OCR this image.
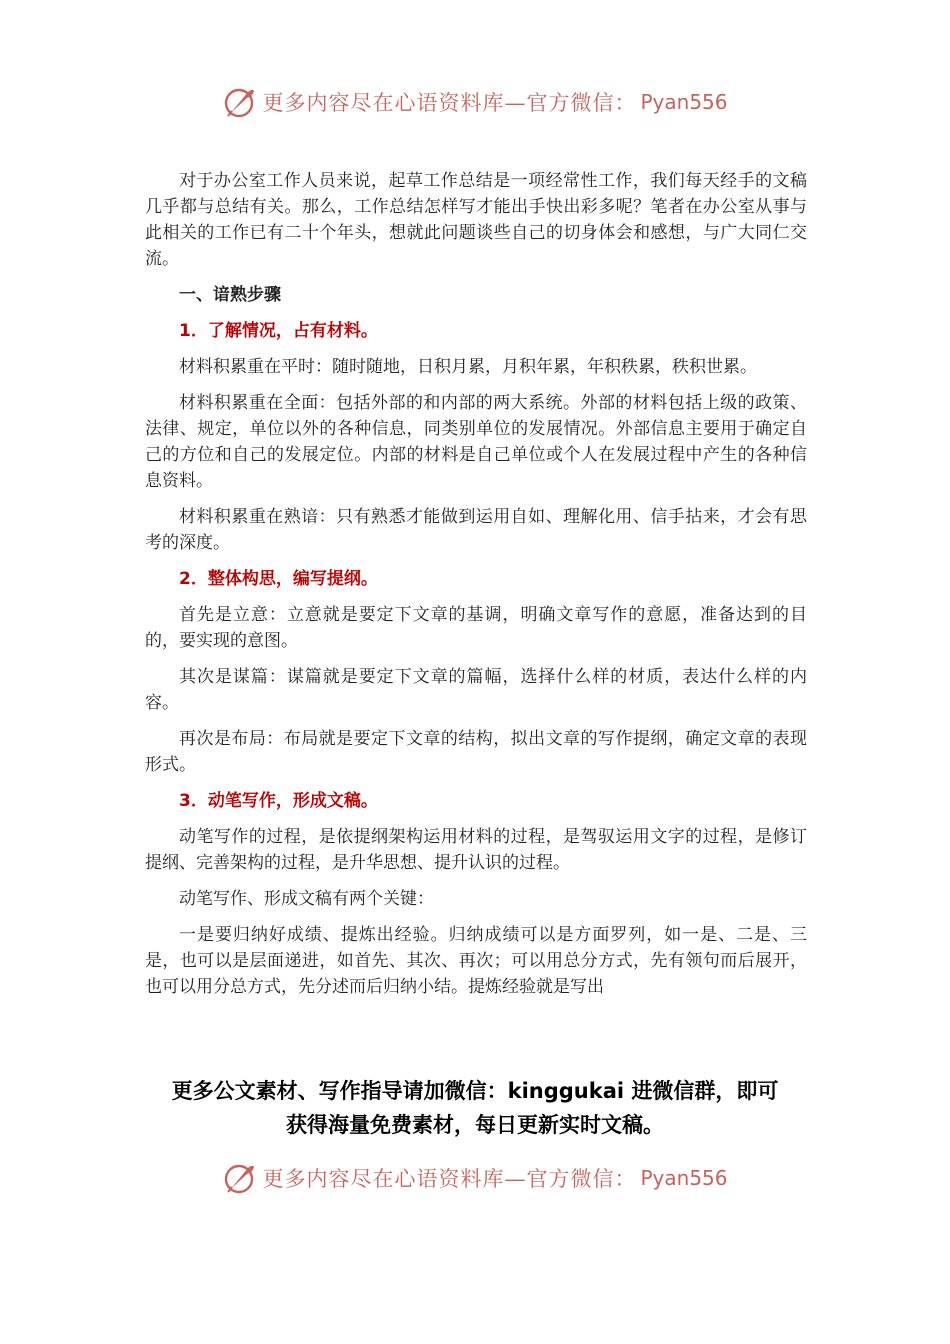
更多内容尽在心语资料库—官方微信： Pyan556

对于办公室工作人员来说，起草工作总结是一项经常性工作，我们每天经手的文稿几乎都与总结有关。那么，工作总结怎样写才能出手快出彩多呢？笔者在办公室从事与此相关的工作已有二十个年头，想就此问题谈些自己的切身体会和感想，与广大同仁交流。

一、谙熟步骤

1．了解情况，占有材料。

材料积累重在平时：随时随地，日积月累，月积年累，年积秩累，秩积世累。

材料积累重在全面：包括外部的和内部的两大系统。外部的材料包括上级的政策、法律、规定，单位以外的各种信息，同类别单位的发展情况。外部信息主要用于确定自己的方位和自己的发展定位。内部的材料是自己单位或个人在发展过程中产生的各种信息资料。

材料积累重在熟谙：只有熟悉才能做到运用自如、理解化用、信手拈来，才会有思考的深度。

2．整体构思，编写提纲。

首先是立意：立意就是要定下文章的基调，明确文章写作的意愿，准备达到的目的，要实现的意图。

其次是谋篇：谋篇就是要定下文章的篇幅，选择什么样的材质，表达什么样的内容。

再次是布局：布局就是要定下文章的结构，拟出文章的写作提纲，确定文章的表现形式。

3．动笔写作，形成文稿。

动笔写作的过程，是依提纲架构运用材料的过程，是驾驭运用文字的过程，是修订提纲、完善架构的过程，是升华思想、提升认识的过程。

动笔写作、形成文稿有两个关键：

一是要归纳好成绩、提炼出经验。归纳成绩可以是方面罗列，如一是、二是、三是，也可以是层面递进，如首先、其次、再次；可以用总分方式，先有领句而后展开，也可以用分总方式，先分述而后归纳小结。提炼经验就是写出

更多公文素材、写作指导请加微信：kinggukai 进微信群，即可
获得海量免费素材，每日更新实时文稿。
更多内容尽在心语资料库—官方微信： Pyan556
